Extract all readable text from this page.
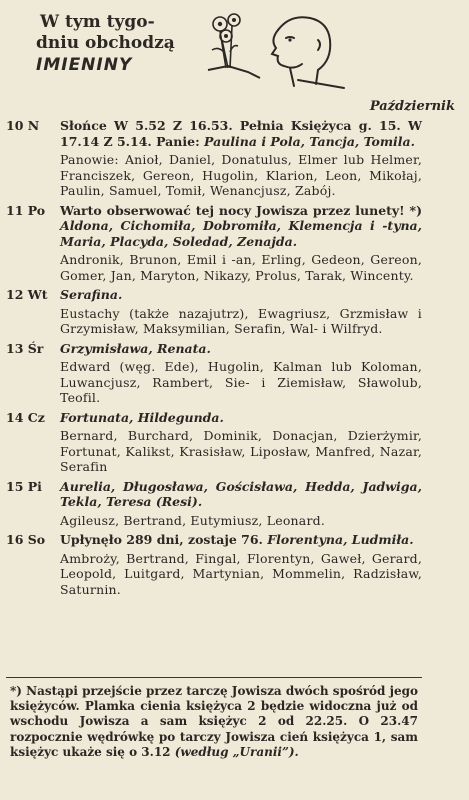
W tym tygo-
dniu obchodzą
IMIENINY
Październik
10 N	Słońce W 5.52 Z 16.53. Pełnia Księżyca g. 15. W 17.14 Z 5.14. Panie: Paulina i Pola, Tancja, Tomila.
Panowie: Anioł, Daniel, Donatulus, Elmer lub Helmer, Franciszek, Gereon, Hugolin, Klarion, Leon, Mikołaj, Paulin, Samuel, Tomił, Wenancjusz, Zabój.
11 Po	Warto obserwować tej nocy Jowisza przez lunety! *) Aldona, Cichomiła, Dobromiła, Klemencja i -tyna, Maria, Placyda, Soledad, Zenajda.
Andronik, Brunon, Emil i -an, Erling, Gedeon, Gereon, Gomer, Jan, Maryton, Nikazy, Prolus, Tarak, Wincenty.
12 Wt Serafina.
Eustachy (także nazajutrz), Ewagriusz, Grzmisław i Grzymisław, Maksymilian, Serafin, Wal- i Wilfryd.
13 Śr	Grzymisława, Renata.
Edward (węg. Ede), Hugolin, Kalman lub Koloman, Luwancjusz, Rambert, Sie- i Ziemisław, Sławolub, Teofil.
14 Cz	Fortunata, Hildegunda.
Bernard, Burchard, Dominik, Donacjan, Dzierżymir, Fortunat, Kalikst, Krasisław, Liposław, Manfred, Nazar, Serafin
15 Pi	Aurelia, Długosława, Gościsława, Hedda, Jadwiga, Tekla, Teresa (Resi).
Agileusz, Bertrand, Eutymiusz, Leonard.
16 So	Upłynęło 289 dni, zostaje 76. Florentyna, Ludmiła.
Ambroży, Bertrand, Fingal, Florentyn, Gaweł, Gerard, Leopold, Luitgard, Martynian, Mommelin, Radzisław, Saturnin.
*) Nastąpi przejście przez tarczę Jowisza dwóch spośród jego księżyców. Plamka cienia księżyca 2 będzie widoczna już od wschodu Jowisza a sam księżyc 2 od 22.25. O 23.47 rozpocznie wędrówkę po tarczy Jowisza cień księżyca 1, sam księżyc ukaże się o 3.12 (według „Uranii”).
